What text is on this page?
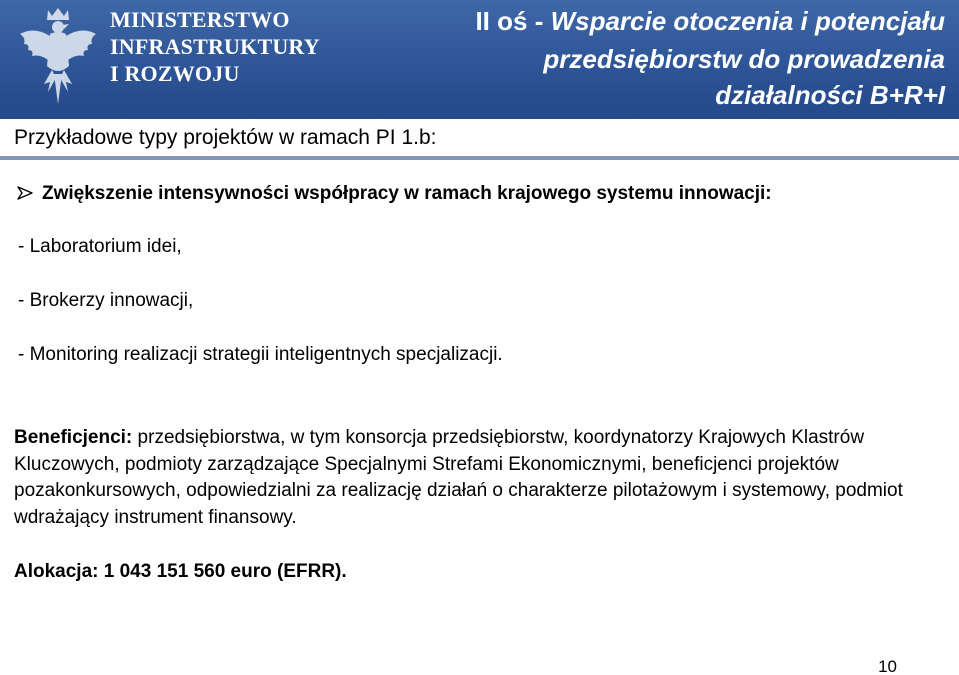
MINISTERSTWO
INFRASTRUKTURY
I ROZWOJU

II oś - Wsparcie otoczenia i potencjału

przedsiębiorstw do prowadzenia

działalności B+R+I

Przykładowe typy projektów w ramach PI 1.b:

Zwiększenie intensywności współpracy w ramach krajowego systemu innowacji:

- Laboratorium idei,

- Brokerzy innowacji,

- Monitoring realizacji strategii inteligentnych specjalizacji.

Beneficjenci: przedsiębiorstwa, w tym konsorcja przedsiębiorstw, koordynatorzy Krajowych Klastrów Kluczowych, podmioty zarządzające Specjalnymi Strefami Ekonomicznymi, beneficjenci projektów pozakonkursowych, odpowiedzialni za realizację działań o charakterze pilotażowym i systemowy, podmiot wdrażający instrument finansowy.

Alokacja: 1 043 151 560 euro (EFRR).

10
